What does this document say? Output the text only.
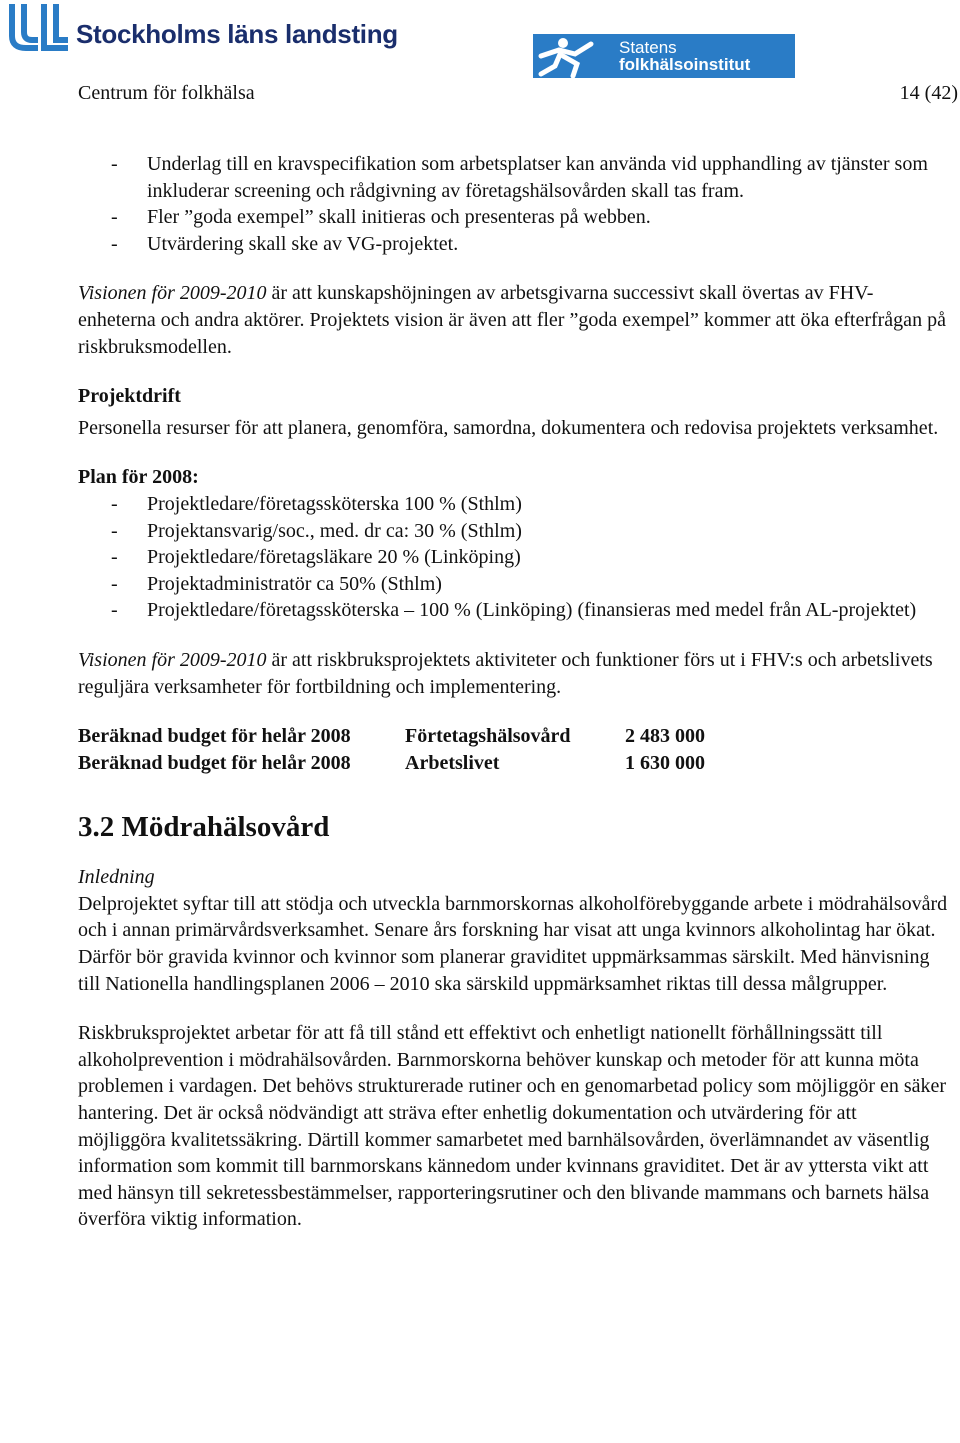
Stockholms läns landsting	Statens
folkhälsoinstitut
Centrum för folkhälsa	14 (42)
-	Underlag till en kravspecifikation som arbetsplatser kan använda vid upphandling av tjänster som inkluderar screening och rådgivning av företagshälsovården skall tas fram.
-	Fler ”goda exempel” skall initieras och presenteras på webben.
-	Utvärdering skall ske av VG-projektet.

Visionen för 2009-2010 är att kunskapshöjningen av arbetsgivarna successivt skall övertas av FHV-enheterna och andra aktörer. Projektets vision är även att fler ”goda exempel” kommer att öka efterfrågan på riskbruksmodellen.

Projektdrift

Personella resurser för att planera, genomföra, samordna, dokumentera och redovisa projektets verksamhet.

Plan för 2008:

-	Projektledare/företagssköterska 100 % (Sthlm)
-	Projektansvarig/soc., med. dr ca: 30 % (Sthlm)
-	Projektledare/företagsläkare 20 % (Linköping)
-	Projektadministratör ca 50% (Sthlm)
-	Projektledare/företagssköterska – 100 % (Linköping) (finansieras med medel från AL-projektet)

Visionen för 2009-2010 är att riskbruksprojektets aktiviteter och funktioner förs ut i FHV:s och arbetslivets reguljära verksamheter för fortbildning och implementering.

Beräknad budget för helår 2008	Förtetagshälsovård	2 483 000
Beräknad budget för helår 2008	Arbetslivet	1 630 000

3.2 Mödrahälsovård

Inledning

Delprojektet syftar till att stödja och utveckla barnmorskornas alkoholförebyggande arbete i mödrahälsovård och i annan primärvårdsverksamhet. Senare års forskning har visat att unga kvinnors alkoholintag har ökat. Därför bör gravida kvinnor och kvinnor som planerar graviditet uppmärksammas särskilt. Med hänvisning till Nationella handlingsplanen 2006 – 2010 ska särskild uppmärksamhet riktas till dessa målgrupper.

Riskbruksprojektet arbetar för att få till stånd ett effektivt och enhetligt nationellt förhållningssätt till alkoholprevention i mödrahälsovården. Barnmorskorna behöver kunskap och metoder för att kunna möta problemen i vardagen. Det behövs strukturerade rutiner och en genomarbetad policy som möjliggör en säker hantering. Det är också nödvändigt att sträva efter enhetlig dokumentation och utvärdering för att möjliggöra kvalitetssäkring. Därtill kommer samarbetet med barnhälsovården, överlämnandet av väsentlig information som kommit till barnmorskans kännedom under kvinnans graviditet. Det är av yttersta vikt att med hänsyn till sekretessbestämmelser, rapporteringsrutiner och den blivande mammans och barnets hälsa överföra viktig information.
